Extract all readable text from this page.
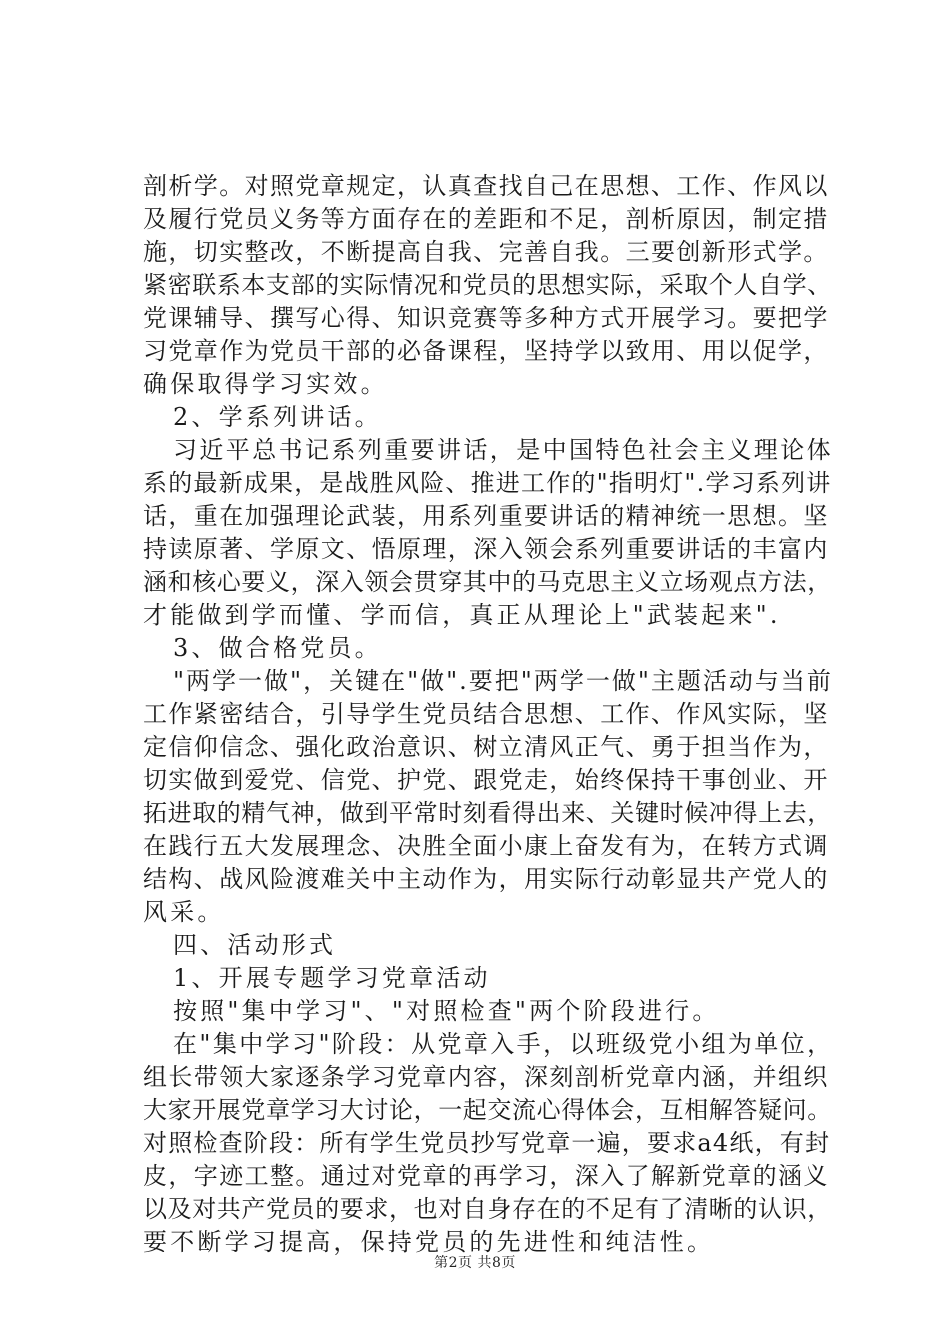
剖析学。对照党章规定，认真查找自己在思想、工作、作风以
及履行党员义务等方面存在的差距和不足，剖析原因，制定措
施，切实整改，不断提高自我、完善自我。三要创新形式学。
紧密联系本支部的实际情况和党员的思想实际，采取个人自学、
党课辅导、撰写心得、知识竞赛等多种方式开展学习。要把学
习党章作为党员干部的必备课程，坚持学以致用、用以促学，
确保取得学习实效。
2、学系列讲话。
习近平总书记系列重要讲话，是中国特色社会主义理论体
系的最新成果，是战胜风险、推进工作的"指明灯".学习系列讲
话，重在加强理论武装，用系列重要讲话的精神统一思想。坚
持读原著、学原文、悟原理，深入领会系列重要讲话的丰富内
涵和核心要义，深入领会贯穿其中的马克思主义立场观点方法，
才能做到学而懂、学而信，真正从理论上"武装起来".
3、做合格党员。
"两学一做"，关键在"做".要把"两学一做"主题活动与当前
工作紧密结合，引导学生党员结合思想、工作、作风实际，坚
定信仰信念、强化政治意识、树立清风正气、勇于担当作为，
切实做到爱党、信党、护党、跟党走，始终保持干事创业、开
拓进取的精气神，做到平常时刻看得出来、关键时候冲得上去，
在践行五大发展理念、决胜全面小康上奋发有为，在转方式调
结构、战风险渡难关中主动作为，用实际行动彰显共产党人的
风采。
四、活动形式
1、开展专题学习党章活动
按照"集中学习"、"对照检查"两个阶段进行。
在"集中学习"阶段：从党章入手，以班级党小组为单位，
组长带领大家逐条学习党章内容，深刻剖析党章内涵，并组织
大家开展党章学习大讨论，一起交流心得体会，互相解答疑问。
对照检查阶段：所有学生党员抄写党章一遍，要求a4纸，有封
皮，字迹工整。通过对党章的再学习，深入了解新党章的涵义
以及对共产党员的要求，也对自身存在的不足有了清晰的认识，
要不断学习提高，保持党员的先进性和纯洁性。
第2页 共8页
